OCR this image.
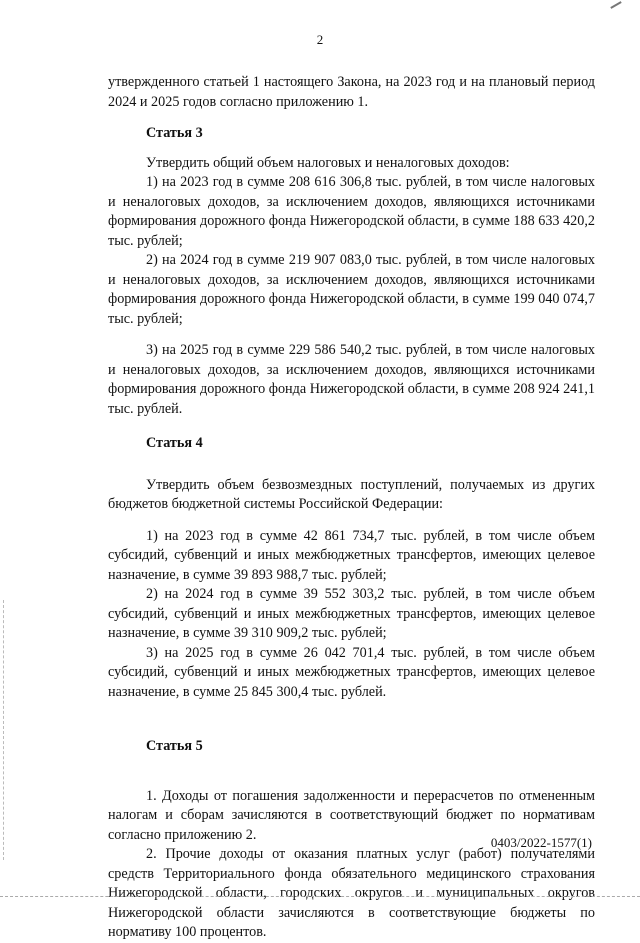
2

утвержденного статьей 1 настоящего Закона, на 2023 год и на плановый период 2024 и 2025 годов согласно приложению 1.

Статья 3

Утвердить общий объем налоговых и неналоговых доходов:

1) на 2023 год в сумме 208 616 306,8 тыс. рублей, в том числе налоговых и неналоговых доходов, за исключением доходов, являющихся источниками формирования дорожного фонда Нижегородской области, в сумме 188 633 420,2 тыс. рублей;

2) на 2024 год в сумме 219 907 083,0 тыс. рублей, в том числе налоговых и неналоговых доходов, за исключением доходов, являющихся источниками формирования дорожного фонда Нижегородской области, в сумме 199 040 074,7 тыс. рублей;

3) на 2025 год в сумме 229 586 540,2 тыс. рублей, в том числе налоговых и неналоговых доходов, за исключением доходов, являющихся источниками формирования дорожного фонда Нижегородской области, в сумме 208 924 241,1 тыс. рублей.

Статья 4

Утвердить объем безвозмездных поступлений, получаемых из других бюджетов бюджетной системы Российской Федерации:

1) на 2023 год в сумме 42 861 734,7 тыс. рублей, в том числе объем субсидий, субвенций и иных межбюджетных трансфертов, имеющих целевое назначение, в сумме 39 893 988,7 тыс. рублей;

2) на 2024 год в сумме 39 552 303,2 тыс. рублей, в том числе объем субсидий, субвенций и иных межбюджетных трансфертов, имеющих целевое назначение, в сумме 39 310 909,2 тыс. рублей;

3) на 2025 год в сумме 26 042 701,4 тыс. рублей, в том числе объем субсидий, субвенций и иных межбюджетных трансфертов, имеющих целевое назначение, в сумме 25 845 300,4 тыс. рублей.

Статья 5

1. Доходы от погашения задолженности и перерасчетов по отмененным налогам и сборам зачисляются в соответствующий бюджет по нормативам согласно приложению 2.

2. Прочие доходы от оказания платных услуг (работ) получателями средств Территориального фонда обязательного медицинского страхования Нижегородской области, городских округов и муниципальных округов Нижегородской области зачисляются в соответствующие бюджеты по нормативу 100 процентов.

0403/2022-1577(1)
